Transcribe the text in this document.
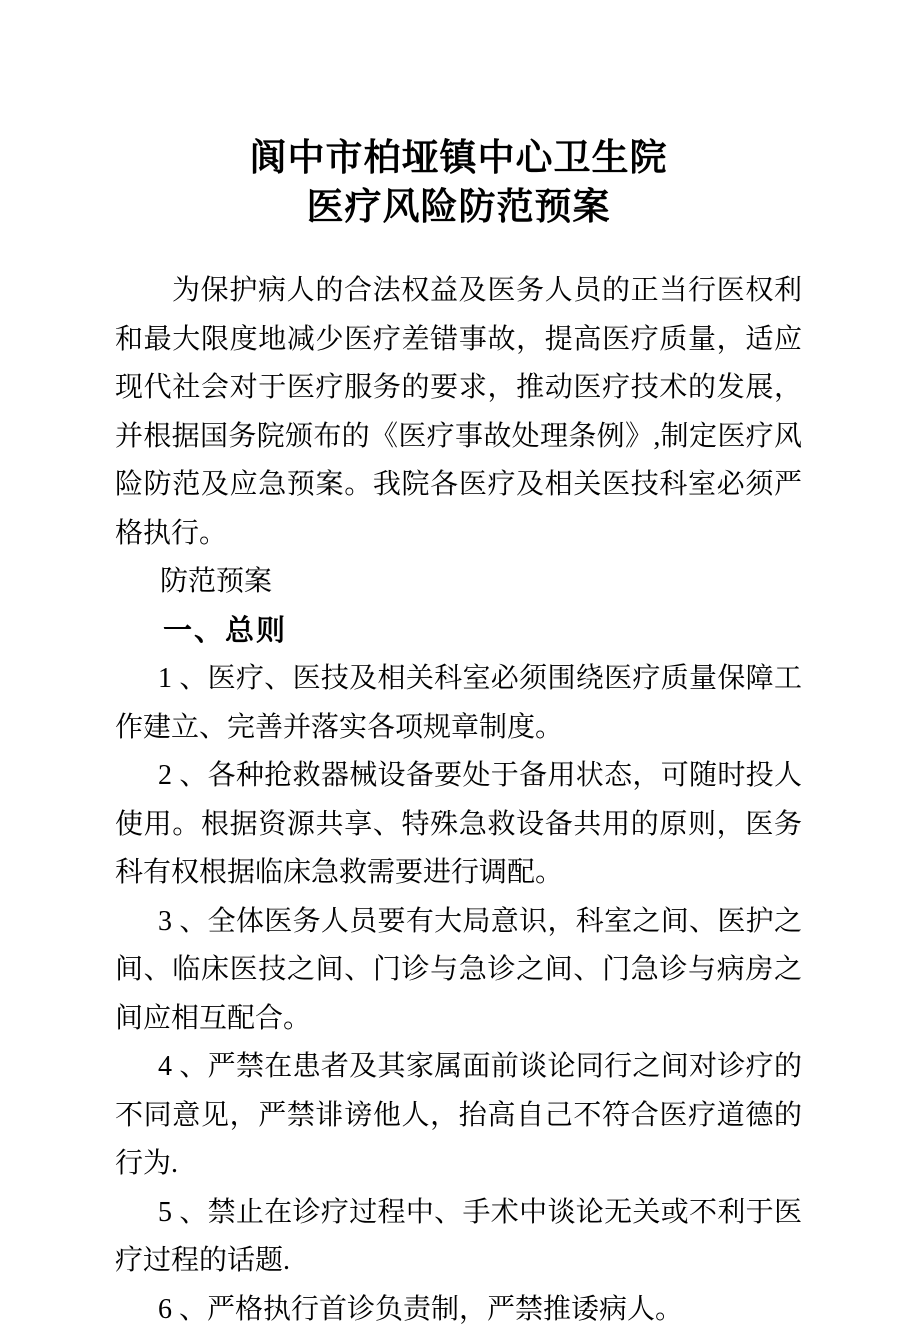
阆中市柏垭镇中心卫生院
医疗风险防范预案

为保护病人的合法权益及医务人员的正当行医权利和最大限度地减少医疗差错事故，提高医疗质量，适应现代社会对于医疗服务的要求，推动医疗技术的发展，并根据国务院颁布的《医疗事故处理条例》,制定医疗风险防范及应急预案。我院各医疗及相关医技科室必须严格执行。

防范预案

一、总则

1 、医疗、医技及相关科室必须围绕医疗质量保障工作建立、完善并落实各项规章制度。

2 、各种抢救器械设备要处于备用状态，可随时投人使用。根据资源共享、特殊急救设备共用的原则，医务科有权根据临床急救需要进行调配。

3 、全体医务人员要有大局意识，科室之间、医护之间、临床医技之间、门诊与急诊之间、门急诊与病房之间应相互配合。

4 、严禁在患者及其家属面前谈论同行之间对诊疗的不同意见，严禁诽谤他人，抬高自己不符合医疗道德的行为.

5 、禁止在诊疗过程中、手术中谈论无关或不利于医疗过程的话题.

6 、严格执行首诊负责制，严禁推诿病人。
